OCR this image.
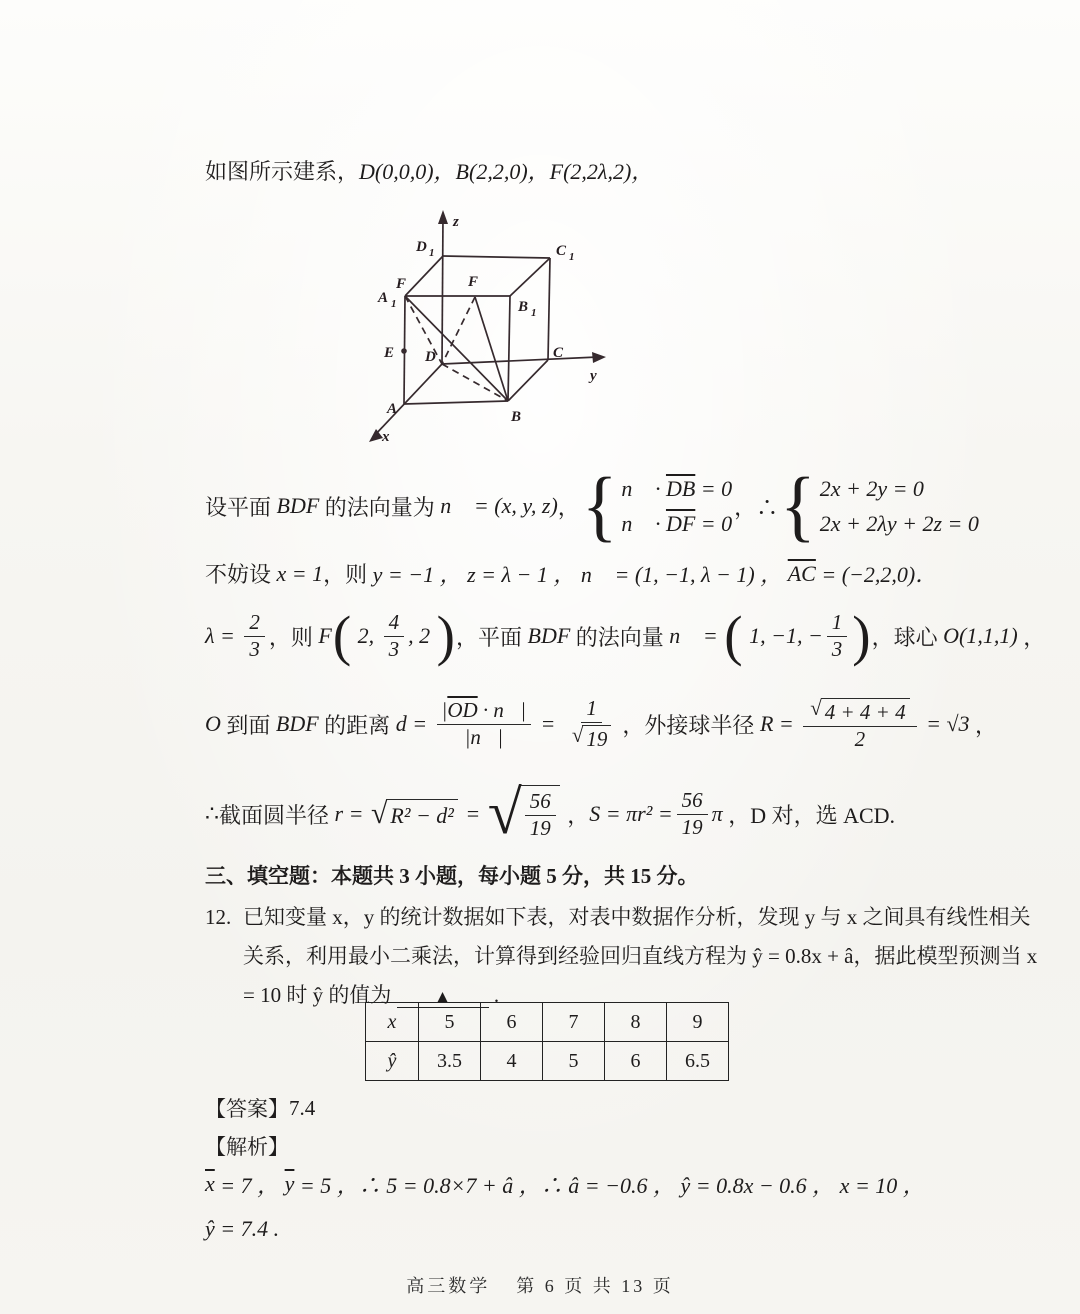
如图所示建系， D(0,0,0)，B(2,2,0)，F(2,2λ,2)，
z
y
x
D 1	C 1
A 1
F
B 1
F
E D	C
A	B
设平面 BDF 的法向量为 n⃗ = (x, y, z) ， { n⃗ · $\overline{DB} = 0$
n⃗ · $\overline{DF} = 0$
，∴ { 2x + 2y = 0
2x + 2λy + 2z = 0
不妨设 x = 1 ，则 y = −1 ， z = λ − 1 ， n⃗ = (1, −1, λ − 1) ， $\overline{AC} = (-2,2,0)$．
$\lambda = \frac{2}{3}$ ，则 F ( 2, $\frac{4}{3}$ , 2 ) ，平面 BDF 的法向量 n⃗ = ( 1, −1, − $\frac{1}{3}$ ) ，球心 O(1,1,1) ，
O 到面 BDF 的距离 $d = \frac{|\overline{OD} \cdot n⃗|}{|n⃗|} = \frac{1}{√ 19}$ ，外接球半径 $R = \frac{√ 4 + 4 + 4}{2} = √3$ ，
∴ 截面圆半径 r = √ R² − d² = √ $\frac{56}{19}$ ， $S = \pi r^2 = \frac{56}{19}$ π ，D 对，选 ACD.
三、填空题：本题共 3 小题，每小题 5 分，共 15 分。
12. 已知变量 x，y 的统计数据如下表，对表中数据作分析，发现 y 与 x 之间具有线性相关
关系，利用最小二乘法，计算得到经验回归直线方程为 ŷ = 0.8x + â，据此模型预测当 x
= 10 时 ŷ 的值为	▲ .
x	5	6	7	8	9
ŷ	3.5	4	5	6	6.5
【答案】 7.4
【解析】
$\overline{x} = 7$ ， $\overline{y} = 5$ ，∴ 5 = 0.8×7 + â ，∴ â = −0.6 ， ŷ = 0.8x − 0.6 ， x = 10 ，
ŷ = 7.4 .
高三数学 第 6 页 共 13 页
